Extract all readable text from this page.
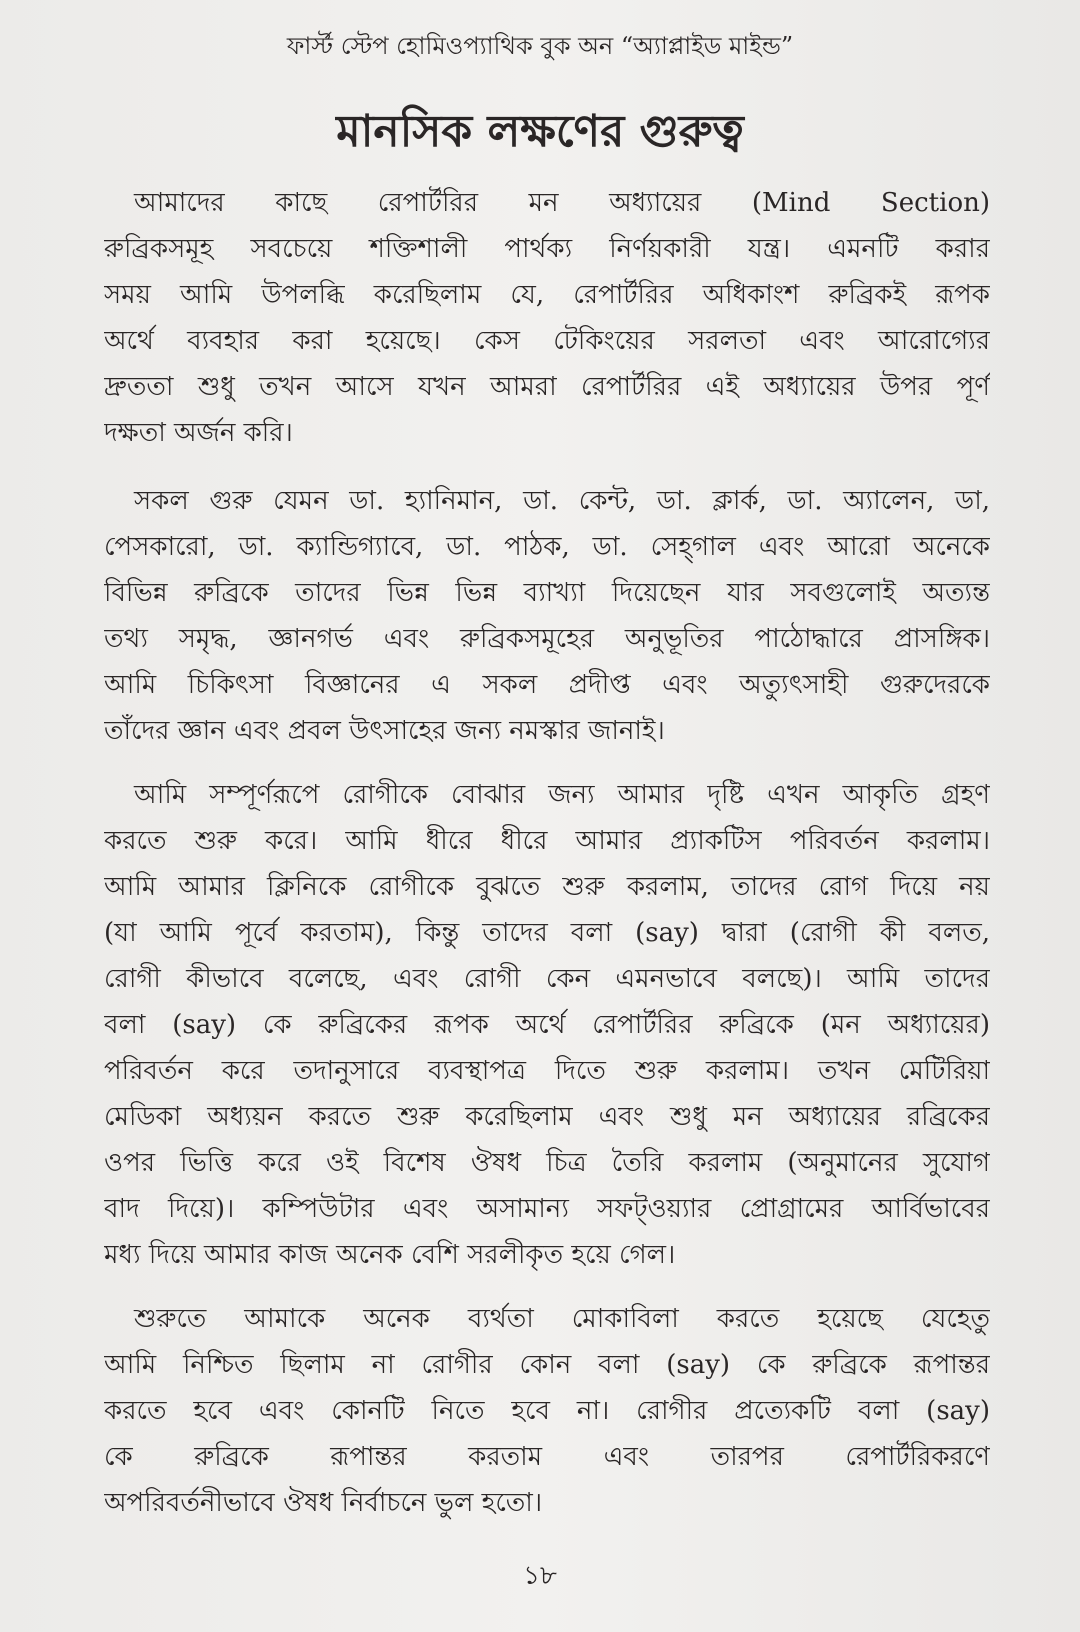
ফার্স্ট স্টেপ হোমিওপ্যাথিক বুক অন “অ্যাপ্লাইড মাইন্ড”
মানসিক লক্ষণের গুরুত্ব
আমাদের কাছে রেপার্টরির মন অধ্যায়ের (Mind Section)
রুব্রিকসমূহ সবচেয়ে শক্তিশালী পার্থক্য নির্ণয়কারী যন্ত্র। এমনটি করার
সময় আমি উপলব্ধি করেছিলাম যে, রেপার্টরির অধিকাংশ রুব্রিকই রূপক
অর্থে ব্যবহার করা হয়েছে। কেস টেকিংয়ের সরলতা এবং আরোগ্যের
দ্রুততা শুধু তখন আসে যখন আমরা রেপার্টরির এই অধ্যায়ের উপর পূর্ণ
দক্ষতা অর্জন করি।
সকল গুরু যেমন ডা. হ্যানিমান, ডা. কেন্ট, ডা. ক্লার্ক, ডা. অ্যালেন, ডা,
পেসকারো, ডা. ক্যান্ডিগ্যাবে, ডা. পাঠক, ডা. সেহ্গাল এবং আরো অনেকে
বিভিন্ন রুব্রিকে তাদের ভিন্ন ভিন্ন ব্যাখ্যা দিয়েছেন যার সবগুলোই অত্যন্ত
তথ্য সমৃদ্ধ, জ্ঞানগর্ভ এবং রুব্রিকসমূহের অনুভূতির পাঠোদ্ধারে প্রাসঙ্গিক।
আমি চিকিৎসা বিজ্ঞানের এ সকল প্রদীপ্ত এবং অত্যুৎসাহী গুরুদেরকে
তাঁদের জ্ঞান এবং প্রবল উৎসাহের জন্য নমস্কার জানাই।
আমি সম্পূর্ণরূপে রোগীকে বোঝার জন্য আমার দৃষ্টি এখন আকৃতি গ্রহণ
করতে শুরু করে। আমি ধীরে ধীরে আমার প্র্যাকটিস পরিবর্তন করলাম।
আমি আমার ক্লিনিকে রোগীকে বুঝতে শুরু করলাম, তাদের রোগ দিয়ে নয়
(যা আমি পূর্বে করতাম), কিন্তু তাদের বলা (say) দ্বারা (রোগী কী বলত,
রোগী কীভাবে বলেছে, এবং রোগী কেন এমনভাবে বলছে)। আমি তাদের
বলা (say) কে রুব্রিকের রূপক অর্থে রেপার্টরির রুব্রিকে (মন অধ্যায়ের)
পরিবর্তন করে তদানুসারে ব্যবস্থাপত্র দিতে শুরু করলাম। তখন মেটিরিয়া
মেডিকা অধ্যয়ন করতে শুরু করেছিলাম এবং শুধু মন অধ্যায়ের রব্রিকের
ওপর ভিত্তি করে ওই বিশেষ ঔষধ চিত্র তৈরি করলাম (অনুমানের সুযোগ
বাদ দিয়ে)। কম্পিউটার এবং অসামান্য সফট্ওয়্যার প্রোগ্রামের আর্বিভাবের
মধ্য দিয়ে আমার কাজ অনেক বেশি সরলীকৃত হয়ে গেল।
শুরুতে আমাকে অনেক ব্যর্থতা মোকাবিলা করতে হয়েছে যেহেতু
আমি নিশ্চিত ছিলাম না রোগীর কোন বলা (say) কে রুব্রিকে রূপান্তর
করতে হবে এবং কোনটি নিতে হবে না। রোগীর প্রত্যেকটি বলা (say)
কে রুব্রিকে রূপান্তর করতাম এবং তারপর রেপার্টরিকরণে
অপরিবর্তনীভাবে ঔষধ নির্বাচনে ভুল হতো।
১৮
